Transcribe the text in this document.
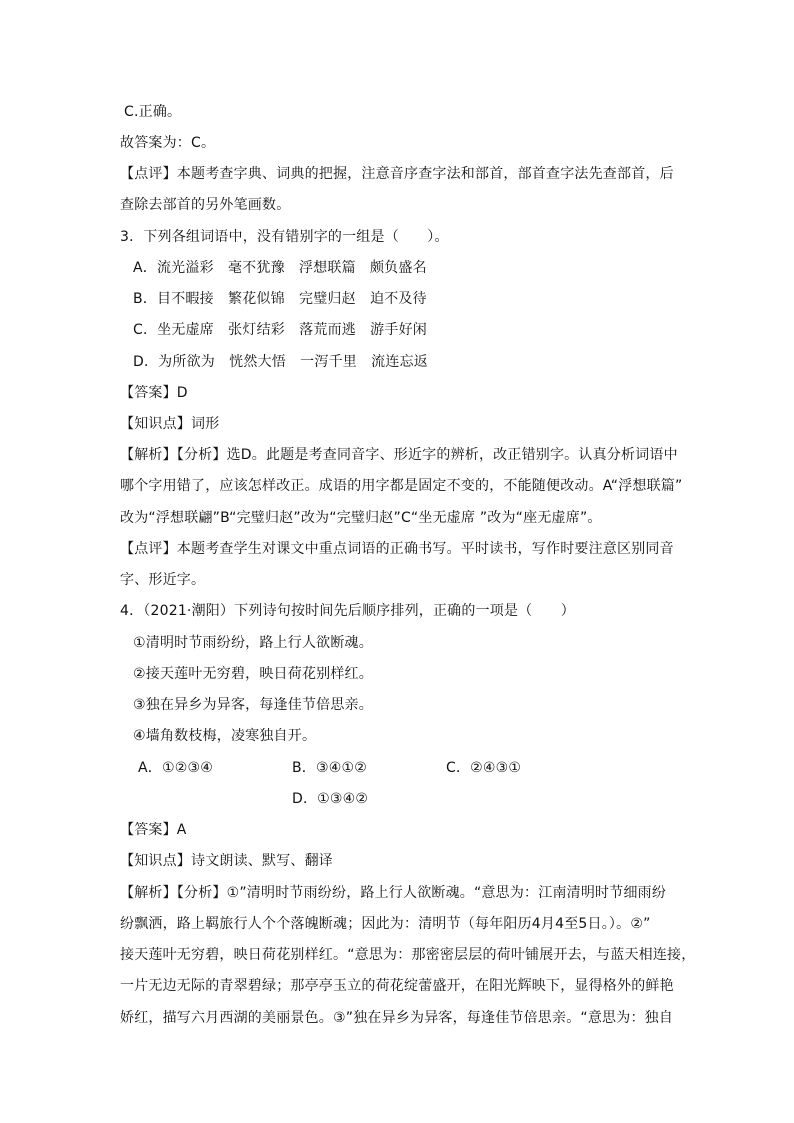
C.正确。
故答案为：C。
【点评】本题考查字典、词典的把握，注意音序查字法和部首，部首查字法先查部首，后
查除去部首的另外笔画数。
3．下列各组词语中，没有错别字的一组是（　　）。
A．流光溢彩　毫不犹豫　浮想联篇　颇负盛名
B．目不暇接　繁花似锦　完璧归赵　迫不及待
C．坐无虚席　张灯结彩　落荒而逃　游手好闲
D．为所欲为　恍然大悟　一泻千里　流连忘返
【答案】D
【知识点】词形
【解析】【分析】选D。此题是考查同音字、形近字的辨析，改正错别字。认真分析词语中
哪个字用错了，应该怎样改正。成语的用字都是固定不变的，不能随便改动。A“浮想联篇”
改为“浮想联翩”B“完璧归赵”改为“完璧归赵”C“坐无虚席 ”改为“座无虚席”。
【点评】本题考查学生对课文中重点词语的正确书写。平时读书，写作时要注意区别同音
字、形近字。
4．（2021·潮阳）下列诗句按时间先后顺序排列，正确的一项是（　　）
①清明时节雨纷纷，路上行人欲断魂。
②接天莲叶无穷碧，映日荷花别样红。
③独在异乡为异客，每逢佳节倍思亲。
④墙角数枝梅，凌寒独自开。
A．①②③④	B．③④①②	C．②④③①
D．①③④②
【答案】A
【知识点】诗文朗读、默写、翻译
【解析】【分析】①”清明时节雨纷纷，路上行人欲断魂。“意思为：江南清明时节细雨纷
纷飘洒，路上羁旅行人个个落魄断魂；因此为：清明节（每年阳历4月4至5日。）。②”
接天莲叶无穷碧，映日荷花别样红。“意思为：那密密层层的荷叶铺展开去，与蓝天相连接，
一片无边无际的青翠碧绿；那亭亭玉立的荷花绽蕾盛开，在阳光辉映下，显得格外的鲜艳
娇红，描写六月西湖的美丽景色。③”独在异乡为异客，每逢佳节倍思亲。“意思为：独自
